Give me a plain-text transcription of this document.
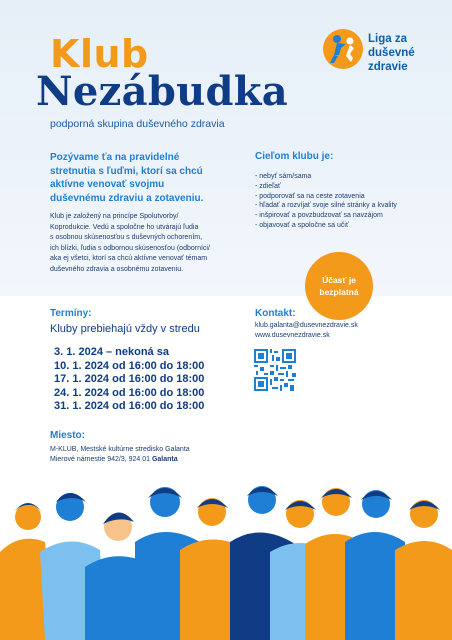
Liga za
duševné
zdravie
Klub
Nezábudka
podporná skupina duševného zdravia
Pozývame ťa na pravidelné
stretnutia s ľuďmi, ktorí sa chcú
aktívne venovať svojmu
duševnému zdraviu a zotaveniu.
Klub je založený na princípe Spolutvorby/
Koprodukcie. Vedú a spoločne ho utvárajú ľudia
s osobnou skúsenosťou s duševných ochorením,
ich blízki, ľudia s odbornou skúsenosťou (odborníci/
aka ej všetci, ktorí sa chcú aktívne venovať témam
duševného zdravia a osobnému zotaveniu.
Cieľom klubu je:
- nebyť sám/sama
- zdieľať
- podporovať sa na ceste zotavenia
- hľadať a rozvíjať svoje silné stránky a kvality
- inšpirovať a povzbudzovať sa navzájom
- objavovať a spoločne sa učiť
Účasť je
bezplatná
Termíny:
Kluby prebiehajú vždy v stredu
3. 1. 2024 – nekoná sa
10. 1. 2024 od 16:00 do 18:00
17. 1. 2024 od 16:00 do 18:00
24. 1. 2024 od 16:00 do 18:00
31. 1. 2024 od 16:00 do 18:00
Miesto:
M-KLUB, Mestské kultúrne stredisko Galanta
Mierové námestie 942/3, 924 01 Galanta
Kontakt:
klub.galanta@dusevnezdravie.sk
www.dusevnezdravie.sk
